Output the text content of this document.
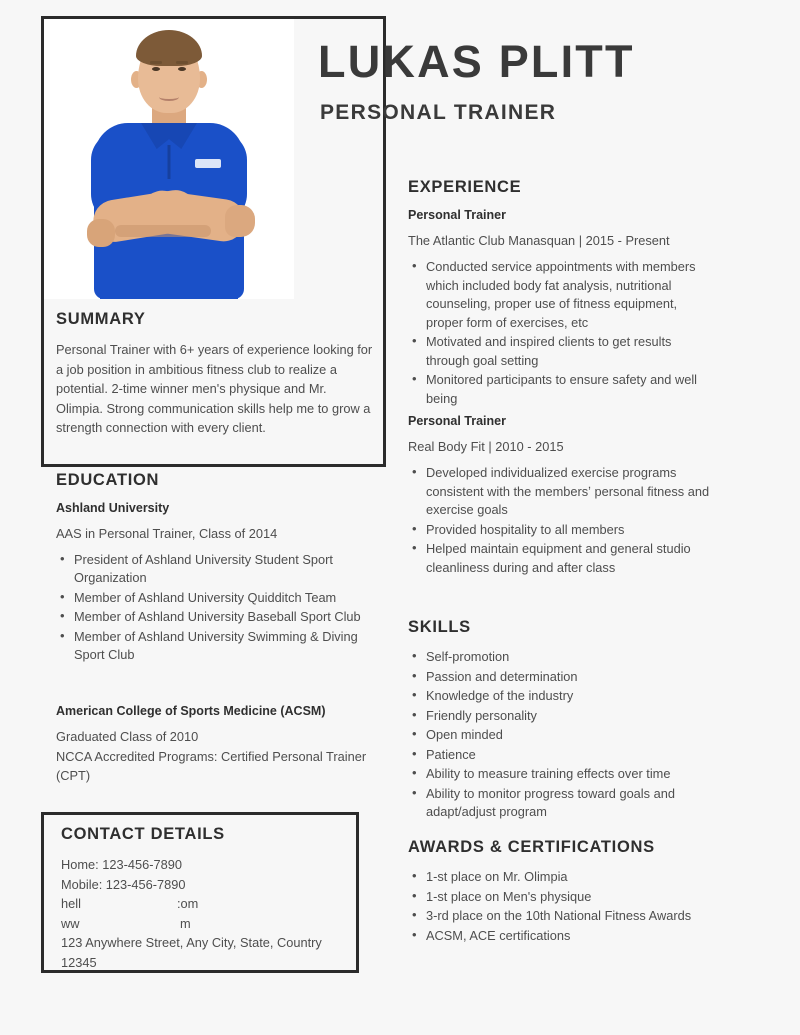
LUKAS PLITT
PERSONAL TRAINER
SUMMARY

Personal Trainer with 6+ years of experience looking for a job position in ambitious fitness club to realize a potential. 2-time winner men's physique and Mr. Olimpia. Strong communication skills help me to grow a strength connection with every client.

EDUCATION
Ashland University

AAS in Personal Trainer, Class of 2014

• President of Ashland University Student Sport Organization
• Member of Ashland University Quidditch Team
• Member of Ashland University Baseball Sport Club
• Member of Ashland University Swimming & Diving Sport Club
American College of Sports Medicine (ACSM)

Graduated Class of 2010

NCCA Accredited Programs: Certified Personal Trainer (CPT)

CONTACT DETAILS
Home: 123-456-7890
Mobile: 123-456-7890
hell	:om
ww	m
123 Anywhere Street, Any City, State, Country
12345
EXPERIENCE
Personal Trainer

The Atlantic Club Manasquan | 2015 - Present

• Conducted service appointments with members which included body fat analysis, nutritional counseling, proper use of fitness equipment, proper form of exercises, etc
• Motivated and inspired clients to get results through goal setting
• Monitored participants to ensure safety and well being
Personal Trainer

Real Body Fit | 2010 - 2015

• Developed individualized exercise programs consistent with the membersʼ personal fitness and exercise goals
• Provided hospitality to all members
• Helped maintain equipment and general studio cleanliness during and after class
SKILLS
• Self-promotion
• Passion and determination
• Knowledge of the industry
• Friendly personality
• Open minded
• Patience
• Ability to measure training effects over time
• Ability to monitor progress toward goals and adapt/adjust program
AWARDS & CERTIFICATIONS
• 1-st place on Mr. Olimpia
• 1-st place on Men's physique
• 3-rd place on the 10th National Fitness Awards
• ACSM, ACE certifications
